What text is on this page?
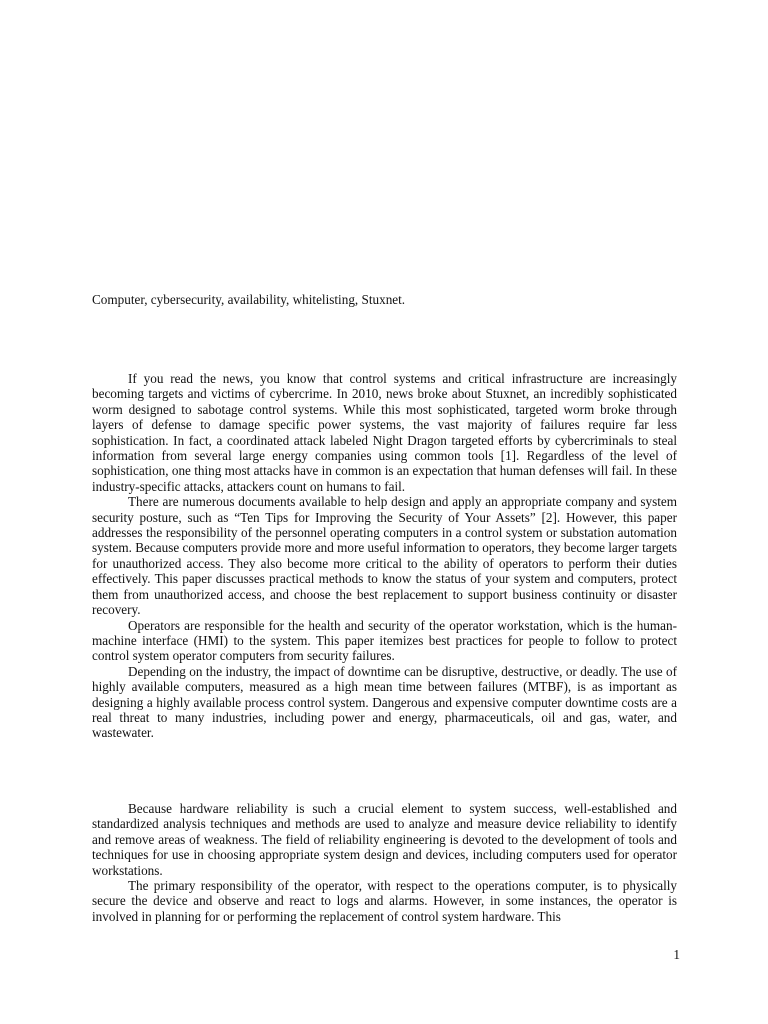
Computer, cybersecurity, availability, whitelisting, Stuxnet.

If you read the news, you know that control systems and critical infrastructure are increasingly becoming targets and victims of cybercrime. In 2010, news broke about Stuxnet, an incredibly sophisticated worm designed to sabotage control systems. While this most sophisticated, targeted worm broke through layers of defense to damage specific power systems, the vast majority of failures require far less sophistication. In fact, a coordinated attack labeled Night Dragon targeted efforts by cybercriminals to steal information from several large energy companies using common tools [1]. Regardless of the level of sophistication, one thing most attacks have in common is an expectation that human defenses will fail. In these industry-specific attacks, attackers count on humans to fail.

There are numerous documents available to help design and apply an appropriate company and system security posture, such as “Ten Tips for Improving the Security of Your Assets” [2]. However, this paper addresses the responsibility of the personnel operating computers in a control system or substation automation system. Because computers provide more and more useful information to operators, they become larger targets for unauthorized access. They also become more critical to the ability of operators to perform their duties effectively. This paper discusses practical methods to know the status of your system and computers, protect them from unauthorized access, and choose the best replacement to support business continuity or disaster recovery.

Operators are responsible for the health and security of the operator workstation, which is the human-machine interface (HMI) to the system. This paper itemizes best practices for people to follow to protect control system operator computers from security failures.

Depending on the industry, the impact of downtime can be disruptive, destructive, or deadly. The use of highly available computers, measured as a high mean time between failures (MTBF), is as important as designing a highly available process control system. Dangerous and expensive computer downtime costs are a real threat to many industries, including power and energy, pharmaceuticals, oil and gas, water, and wastewater.

Because hardware reliability is such a crucial element to system success, well-established and standardized analysis techniques and methods are used to analyze and measure device reliability to identify and remove areas of weakness. The field of reliability engineering is devoted to the development of tools and techniques for use in choosing appropriate system design and devices, including computers used for operator workstations.

The primary responsibility of the operator, with respect to the operations computer, is to physically secure the device and observe and react to logs and alarms. However, in some instances, the operator is involved in planning for or performing the replacement of control system hardware. This

1
